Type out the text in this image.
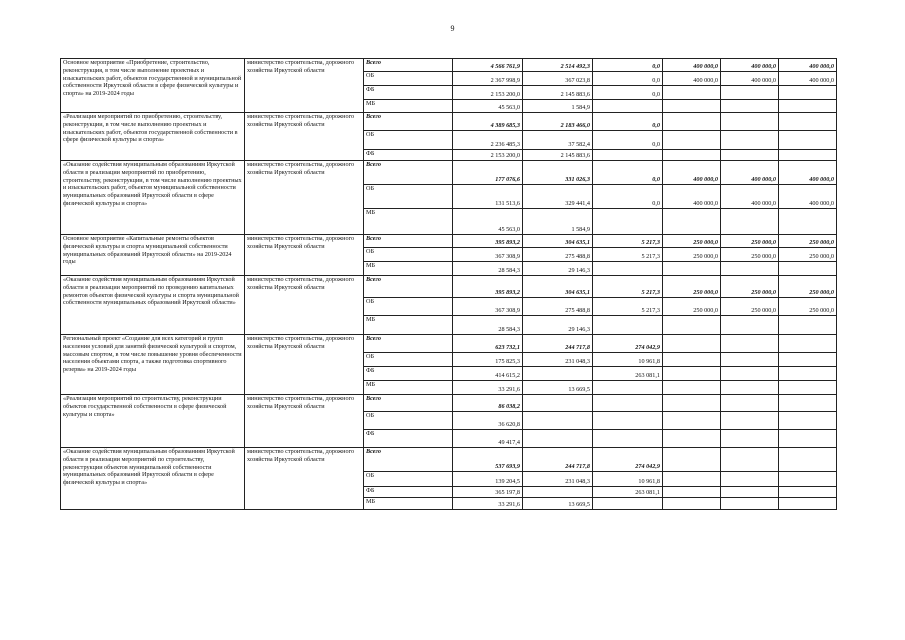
9
Основное мероприятие «Приобретение, строительство, реконструкция, в том числе выполнение проектных и изыскательских работ, объектов государственной и муниципальной собственности Иркутской области в сфере физической культуры и спорта» на 2019-2024 годы	министерство строительства, дорожного хозяйства Иркутской области	Всего	4 566 761,9	2 514 492,3	0,0	400 000,0	400 000,0	400 000,0
		ОБ	2 367 998,9	367 023,8	0,0	400 000,0	400 000,0	400 000,0
		ФБ	2 153 200,0	2 145 883,6	0,0			
		МБ	45 563,0	1 584,9				

«Реализация мероприятий по приобретению, строительству, реконструкции, в том числе выполнению проектных и изыскательских работ, объектов государственной собственности в сфере физической культуры и спорта»	министерство строительства, дорожного хозяйства Иркутской области	Всего	4 389 685,3	2 183 466,0	0,0			
		ОБ	2 236 485,3	37 582,4	0,0			
		ФБ	2 153 200,0	2 145 883,6				

«Оказание содействия муниципальным образованиям Иркутской области в реализации мероприятий по приобретению, строительству, реконструкции, в том числе выполнению проектных и изыскательских работ, объектов муниципальной собственности муниципальных образований Иркутской области в сфере физической культуры и спорта»	министерство строительства, дорожного хозяйства Иркутской области	Всего	177 076,6	331 026,3	0,0	400 000,0	400 000,0	400 000,0
		ОБ	131 513,6	329 441,4	0,0	400 000,0	400 000,0	400 000,0
		МБ	45 563,0	1 584,9				

Основное мероприятие «Капитальные ремонты объектов физической культуры и спорта муниципальной собственности муниципальных образований Иркутской области» на 2019-2024 годы	министерство строительства, дорожного хозяйства Иркутской области	Всего	395 893,2	304 635,1	5 217,3	250 000,0	250 000,0	250 000,0
		ОБ	367 308,9	275 488,8	5 217,3	250 000,0	250 000,0	250 000,0
		МБ	28 584,3	29 146,3				

«Оказание содействия муниципальным образованиям Иркутской области в реализации мероприятий по проведению капитальных ремонтов объектов физической культуры и спорта муниципальной собственности муниципальных образований Иркутской области»	министерство строительства, дорожного хозяйства Иркутской области	Всего	395 893,2	304 635,1	5 217,3	250 000,0	250 000,0	250 000,0
		ОБ	367 308,9	275 488,8	5 217,3	250 000,0	250 000,0	250 000,0
		МБ	28 584,3	29 146,3				

Региональный проект «Создание для всех категорий и групп населения условий для занятий физической культурой и спортом, массовым спортом, в том числе повышение уровня обеспеченности населения объектами спорта, а также подготовка спортивного резерва» на 2019-2024 годы	министерство строительства, дорожного хозяйства Иркутской области	Всего	623 732,1	244 717,8	274 042,9			
		ОБ	175 825,3	231 048,3	10 961,8			
		ФБ	414 615,2		263 081,1			
		МБ	33 291,6	13 669,5				

«Реализация мероприятий по строительству, реконструкции объектов государственной собственности в сфере физической культуры и спорта»	министерство строительства, дорожного хозяйства Иркутской области	Всего	86 038,2					
		ОБ	36 620,8					
		ФБ	49 417,4					

«Оказание содействия муниципальным образованиям Иркутской области в реализации мероприятий по строительству, реконструкции объектов муниципальной собственности муниципальных образований Иркутской области в сфере физической культуры и спорта»	министерство строительства, дорожного хозяйства Иркутской области	Всего	537 693,9	244 717,8	274 042,9			
		ОБ	139 204,5	231 048,3	10 961,8			
		ФБ	365 197,8		263 081,1			
		МБ	33 291,6	13 669,5				
